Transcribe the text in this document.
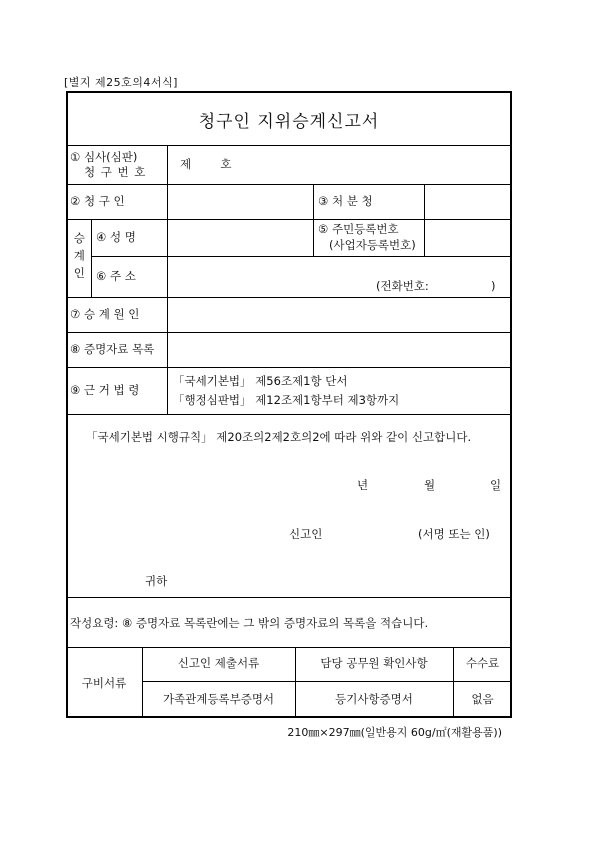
[별지 제25호의4서식]
청구인 지위승계신고서
① 심사(심판)
청 구 번 호
제        호
② 청 구 인	③ 처 분 청
승계인 ④ 성 명
⑤ 주민등록번호
(사업자등록번호)
⑥ 주 소
(전화번호:                 )
⑦ 승 계 원 인
⑧ 증명자료 목록
⑨ 근 거 법 령
「국세기본법」 제56조제1항 단서
「행정심판법」 제12조제1항부터 제3항까지
「국세기본법 시행규칙」 제20조의2제2호의2에 따라 위와 같이 신고합니다.
년	월	일
신고인	(서명 또는 인)
귀하
작성요령: ⑧ 증명자료 목록란에는 그 밖의 증명자료의 목록을 적습니다.
구비서류
신고인 제출서류	담당 공무원 확인사항	수수료
가족관계등록부증명서	등기사항증명서	없음
210㎜×297㎜(일반용지 60g/㎡(재활용품))
